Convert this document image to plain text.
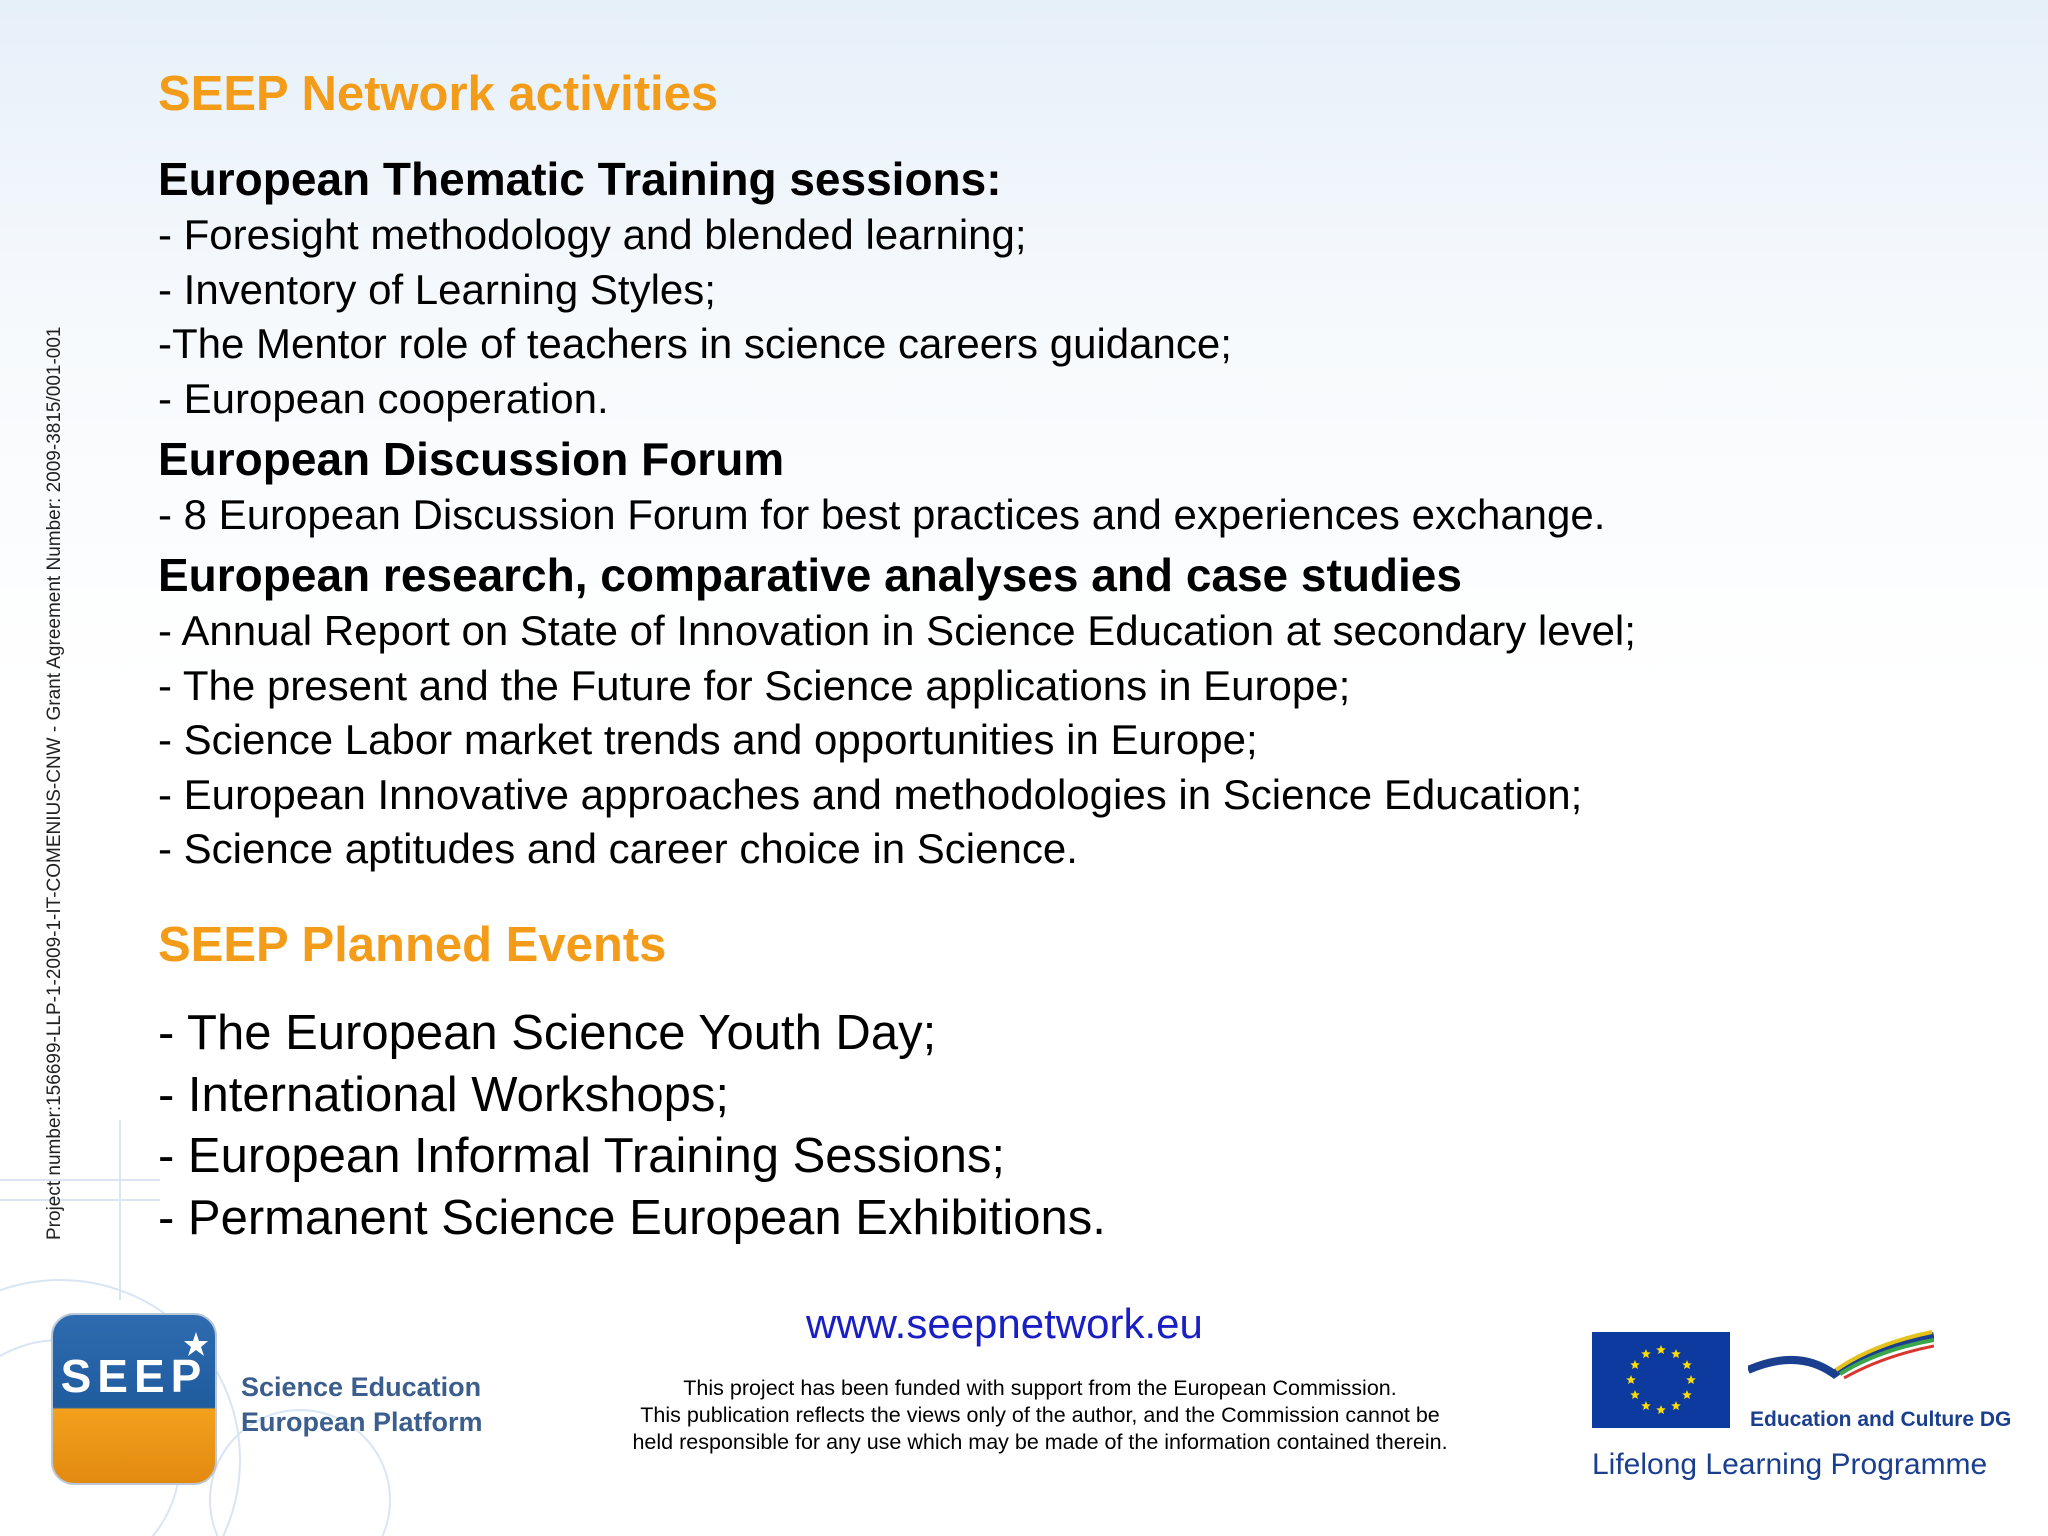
Project number:156699-LLP-1-2009-1-IT-COMENIUS-CNW - Grant Agreement Number: 2009-3815/001-001
SEEP Network activities
European Thematic Training sessions:
- Foresight methodology and blended learning;
- Inventory of Learning Styles;
-The Mentor role of teachers in science careers guidance;
- European cooperation.
European Discussion Forum
- 8 European Discussion Forum for best practices and experiences exchange.
European research, comparative analyses and case studies
- Annual Report on State of Innovation in Science Education at secondary level;
- The present and the Future for Science applications in Europe;
- Science Labor market trends and opportunities in Europe;
- European Innovative approaches and methodologies in Science Education;
- Science aptitudes and career choice in Science.
SEEP Planned Events
- The European Science Youth Day;
- International Workshops;
- European Informal Training Sessions;
- Permanent Science European Exhibitions.
www.seepnetwork.eu
This project has been funded with support from the European Commission.
This publication reflects the views only of the author, and the Commission cannot be
held responsible for any use which may be made of the information contained therein.
SEEP Science Education
European Platform	Education and Culture DG
Lifelong Learning Programme
